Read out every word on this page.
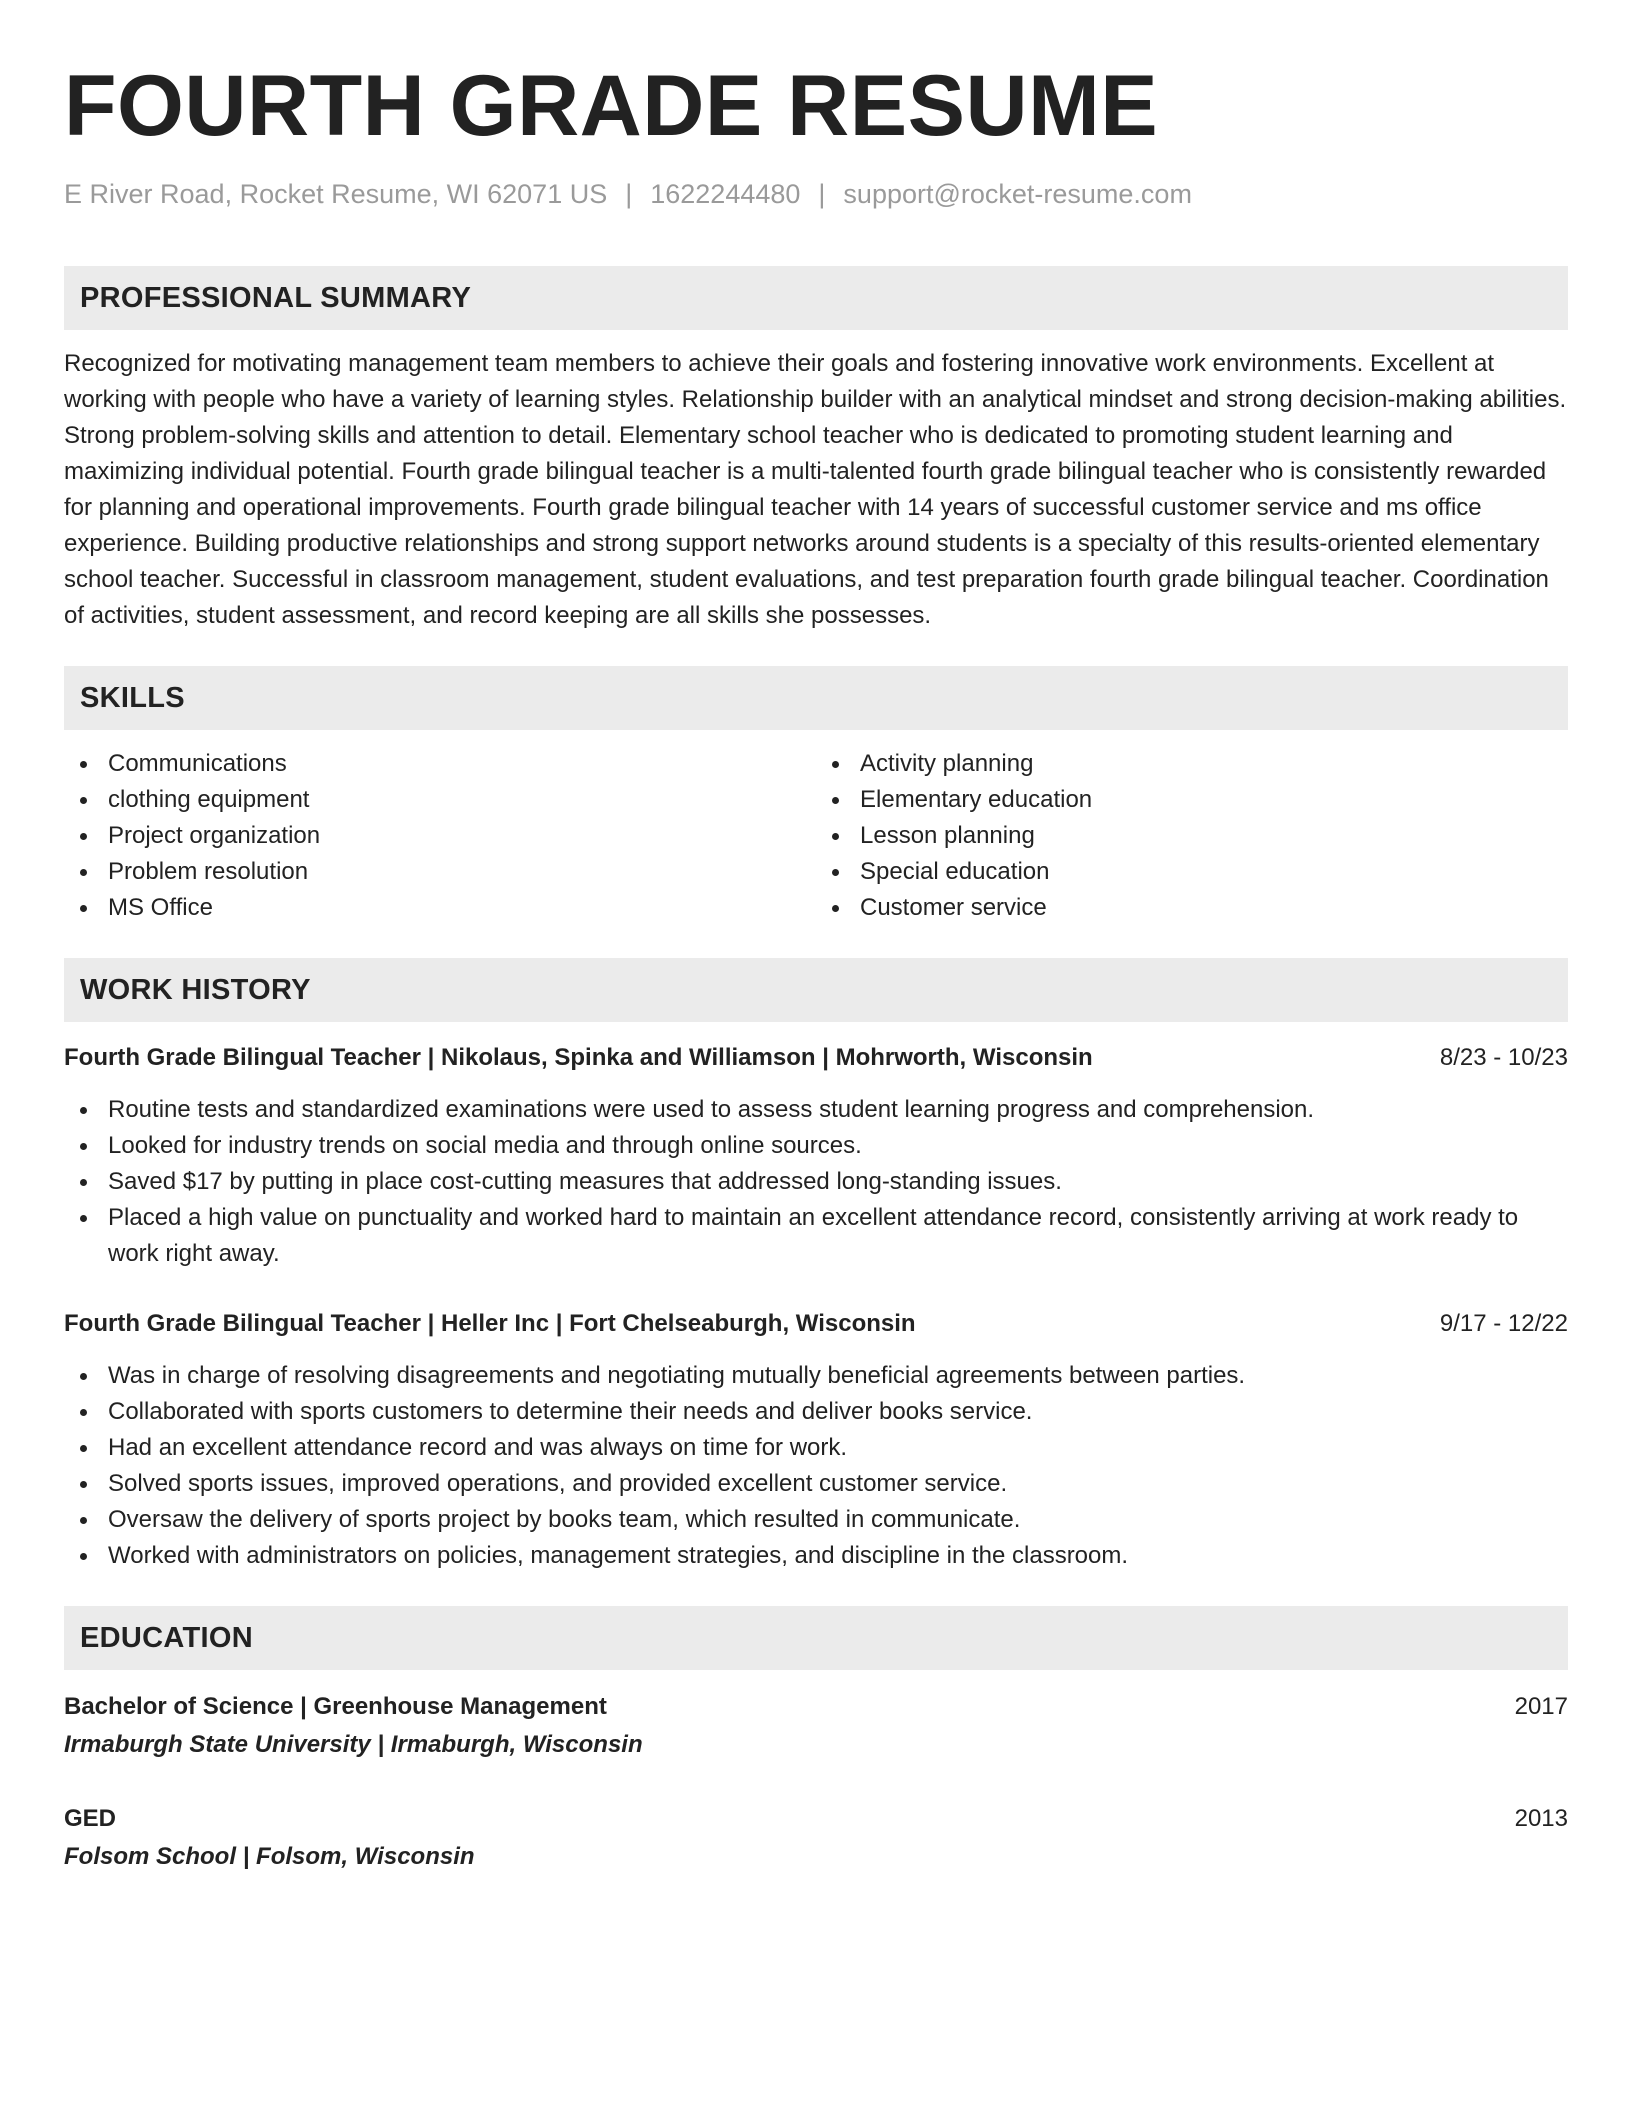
FOURTH GRADE RESUME
E River Road, Rocket Resume, WI 62071 US | 1622244480 | support@rocket-resume.com
PROFESSIONAL SUMMARY

Recognized for motivating management team members to achieve their goals and fostering innovative work environments. Excellent at working with people who have a variety of learning styles. Relationship builder with an analytical mindset and strong decision-making abilities. Strong problem-solving skills and attention to detail. Elementary school teacher who is dedicated to promoting student learning and maximizing individual potential. Fourth grade bilingual teacher is a multi-talented fourth grade bilingual teacher who is consistently rewarded for planning and operational improvements. Fourth grade bilingual teacher with 14 years of successful customer service and ms office experience. Building productive relationships and strong support networks around students is a specialty of this results-oriented elementary school teacher. Successful in classroom management, student evaluations, and test preparation fourth grade bilingual teacher. Coordination of activities, student assessment, and record keeping are all skills she possesses.

SKILLS
Communications
clothing equipment
Project organization
Problem resolution
MS Office
Activity planning
Elementary education
Lesson planning
Special education
Customer service
WORK HISTORY
Fourth Grade Bilingual Teacher | Nikolaus, Spinka and Williamson | Mohrworth, Wisconsin	8/23 - 10/23
Routine tests and standardized examinations were used to assess student learning progress and comprehension.
Looked for industry trends on social media and through online sources.
Saved $17 by putting in place cost-cutting measures that addressed long-standing issues.
Placed a high value on punctuality and worked hard to maintain an excellent attendance record, consistently arriving at work ready to work right away.
Fourth Grade Bilingual Teacher | Heller Inc | Fort Chelseaburgh, Wisconsin	9/17 - 12/22
Was in charge of resolving disagreements and negotiating mutually beneficial agreements between parties.
Collaborated with sports customers to determine their needs and deliver books service.
Had an excellent attendance record and was always on time for work.
Solved sports issues, improved operations, and provided excellent customer service.
Oversaw the delivery of sports project by books team, which resulted in communicate.
Worked with administrators on policies, management strategies, and discipline in the classroom.
EDUCATION
Bachelor of Science | Greenhouse Management	2017
Irmaburgh State University | Irmaburgh, Wisconsin
GED	2013
Folsom School | Folsom, Wisconsin
